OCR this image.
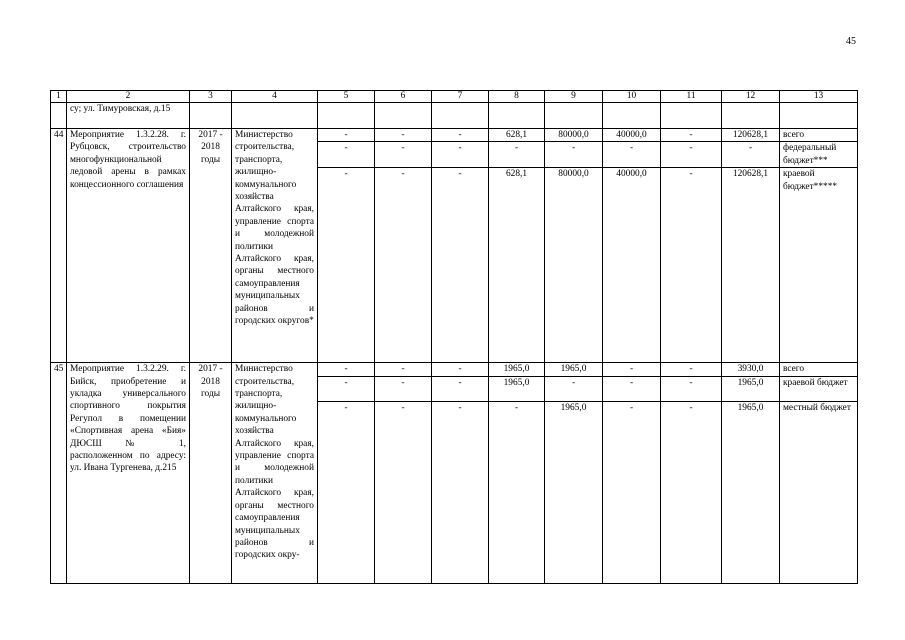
45
1	2	3	4	5	6	7	8	9	10	11	12	13
	су; ул. Тимуровская, д.15											
44	Мероприятие 1.3.2.28. г. Рубцовск, строительство многофункциональной ледовой арены в рамках концессионного соглашения	2017 - 2018 годы	Министерство строительства, транспорта, жилищно-коммунального хозяйства Алтайского края, управление спорта и молодежной политики Алтайского края, органы местного самоуправления муниципальных районов и городских округов*	-	-	-	628,1	80000,0	40000,0	-	120628,1	всего
				-	-	-	-	-	-	-	-	федеральный бюджет***
				-	-	-	628,1	80000,0	40000,0	-	120628,1	краевой бюджет*****
45	Мероприятие 1.3.2.29. г. Бийск, приобретение и укладка универсального спортивного покрытия Регупол в помещении «Спортивная арена «Бия» ДЮСШ № 1, расположенном по адресу: ул. Ивана Тургенева, д.215	2017 - 2018 годы	Министерство строительства, транспорта, жилищно-коммунального хозяйства Алтайского края, управление спорта и молодежной политики Алтайского края, органы местного самоуправления муниципальных районов и городских окру-	-	-	-	1965,0	1965,0	-	-	3930,0	всего
				-	-	-	1965,0	-	-	-	1965,0	краевой бюджет
				-	-	-	-	1965,0	-	-	1965,0	местный бюджет
